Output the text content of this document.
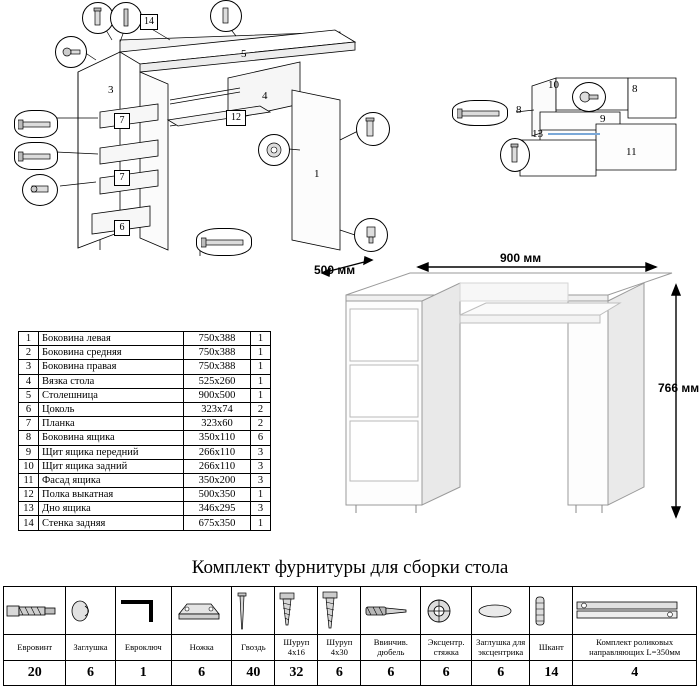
14
5
3	4
7	12
1
7
6
10	8
8
9
13
11
500 мм
900 мм
766 мм
1	Боковина левая	750х388	1
2	Боковина средняя	750х388	1
3	Боковина правая	750х388	1
4	Вязка стола	525х260	1
5	Столешница	900х500	1
6	Цоколь	323х74	2
7	Планка	323х60	2
8	Боковина ящика	350х110	6
9	Щит ящика передний	266х110	3
10	Щит ящика задний	266х110	3
11	Фасад ящика	350х200	3
12	Полка выкатная	500х350	1
13	Дно ящика	346х295	3
14	Стенка задняя	675х350	1
Комплект фурнитуры для сборки стола

Евровинт	Заглушка	Евроключ	Ножка	Гвоздь	Шуруп 4х16	Шуруп 4х30	Ввинчив. дюбель	Эксцентр. стяжка	Заглушка для эксцентрика	Шкант	Комплект роликовых направляющих L=350мм
20	6	1	6	40	32	6	6	6	6	14	4
